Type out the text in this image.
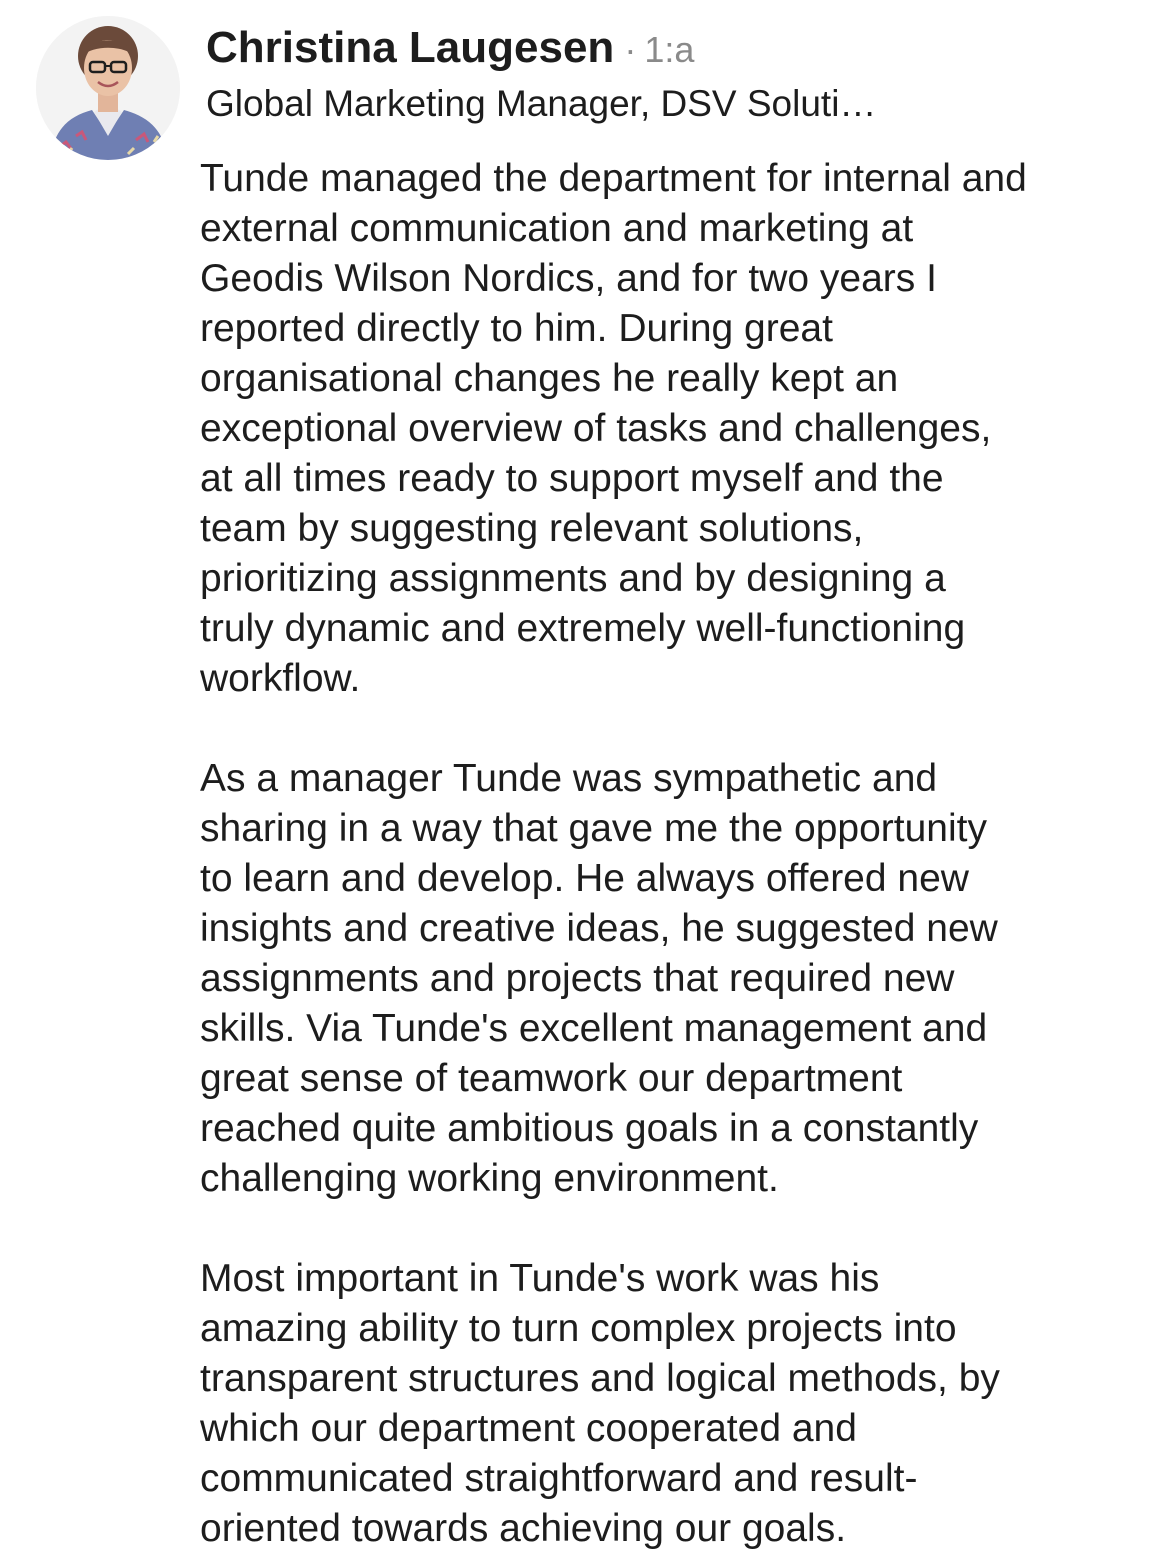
Christina Laugesen · 1:a
Global Marketing Manager, DSV Soluti…
Tunde managed the department for internal and
external communication and marketing at
Geodis Wilson Nordics, and for two years I
reported directly to him. During great
organisational changes he really kept an
exceptional overview of tasks and challenges,
at all times ready to support myself and the
team by suggesting relevant solutions,
prioritizing assignments and by designing a
truly dynamic and extremely well-functioning
workflow.
As a manager Tunde was sympathetic and
sharing in a way that gave me the opportunity
to learn and develop. He always offered new
insights and creative ideas, he suggested new
assignments and projects that required new
skills. Via Tunde's excellent management and
great sense of teamwork our department
reached quite ambitious goals in a constantly
challenging working environment.
Most important in Tunde's work was his
amazing ability to turn complex projects into
transparent structures and logical methods, by
which our department cooperated and
communicated straightforward and result-
oriented towards achieving our goals.
